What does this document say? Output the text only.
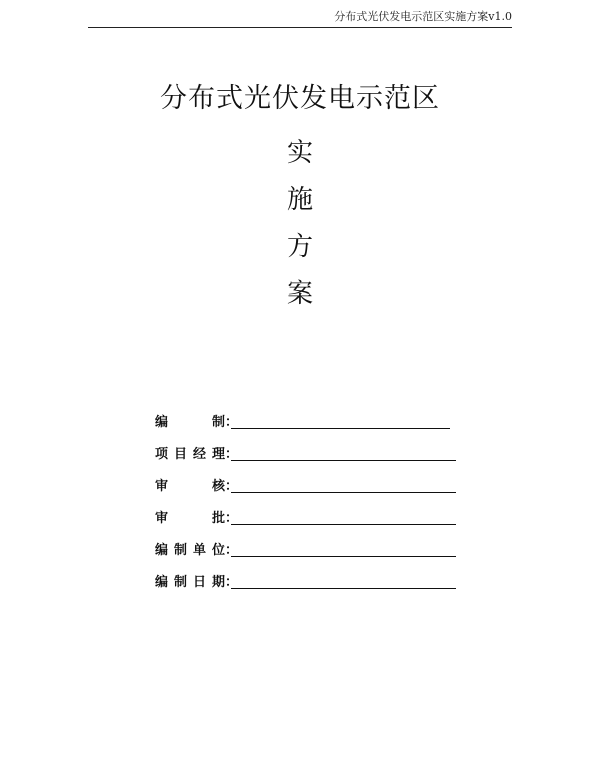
分布式光伏发电示范区实施方案v1.0
分布式光伏发电示范区
实
施
方
案
编　　制 ：
项目经理 ：
审　　核 ：
审　　批 ：
编制单位 ：
编制日期 ：
